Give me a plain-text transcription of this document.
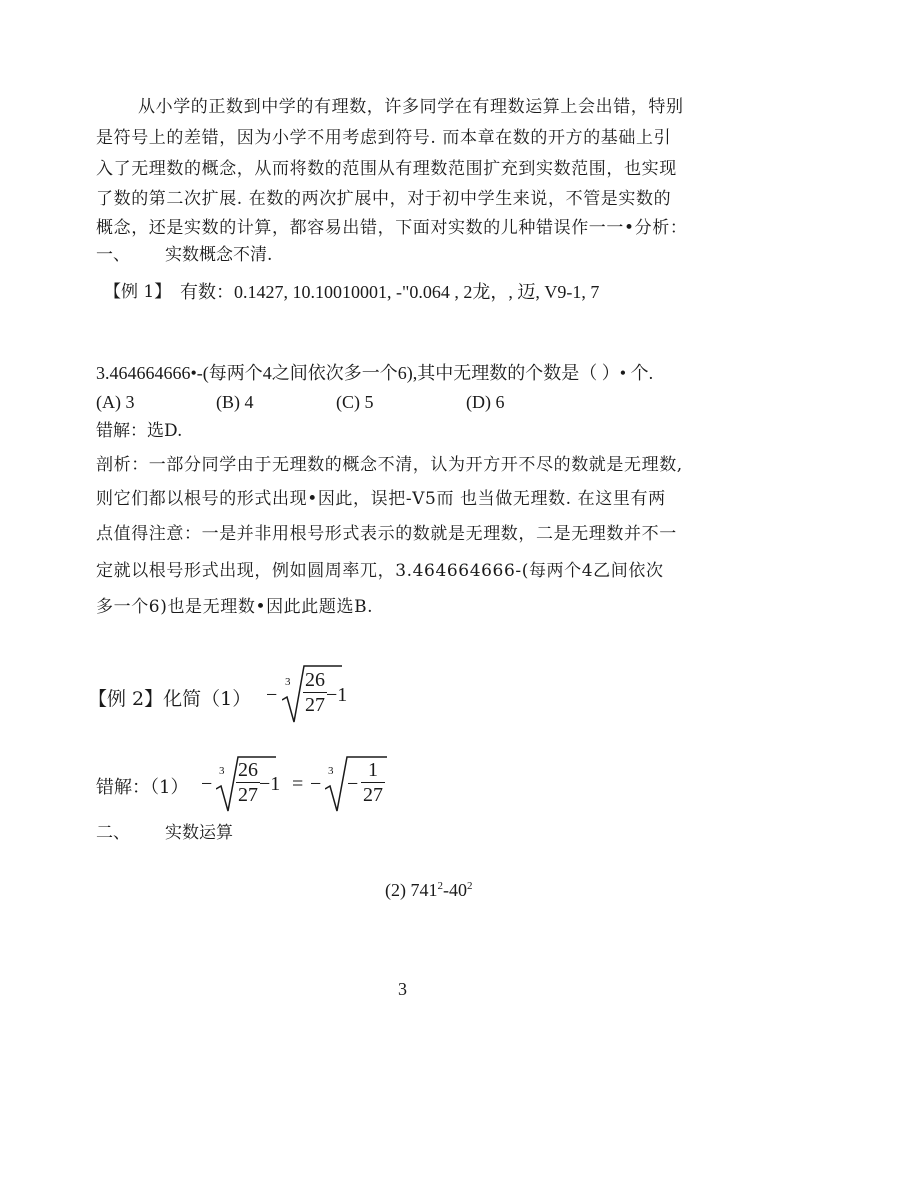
从小学的正数到中学的有理数，许多同学在有理数运算上会出错，特别
是符号上的差错，因为小学不用考虑到符号. 而本章在数的开方的基础上引
入了无理数的概念，从而将数的范围从有理数范围扩充到实数范围，也实现
了数的第二次扩展. 在数的两次扩展中，对于初中学生来说，不管是实数的
概念，还是实数的计算，都容易出错，下面对实数的儿种错误作一一•分析：
一、 实数概念不清.
【例 1】 有数：0.1427, 10.10010001, -"0.064 , 2龙，, 迈, V9-1, 7
3.464664666•-(每两个4之间依次多一个6),其中无理数的个数是（ ）• 个.
(A) 3	(B) 4	(C) 5	(D) 6
错解：选D.
剖析：一部分同学由于无理数的概念不清，认为开方开不尽的数就是无理数,
则它们都以根号的形式出现•因此，误把-V5而 也当做无理数. 在这里有两
点值得注意：一是并非用根号形式表示的数就是无理数，二是无理数并不一
定就以根号形式出现，例如圆周率兀，3.464664666-(每两个4乙间依次
多一个6)也是无理数•因此此题选B.
【例 2】化简（1） −
$3 \frac{26}{27} -1$
错解：（1） −
$3 \frac{26}{27} -1$ = −
3
− $\frac{1}{27}$
二、 实数运算
(2) $741^2-40^2$
3
